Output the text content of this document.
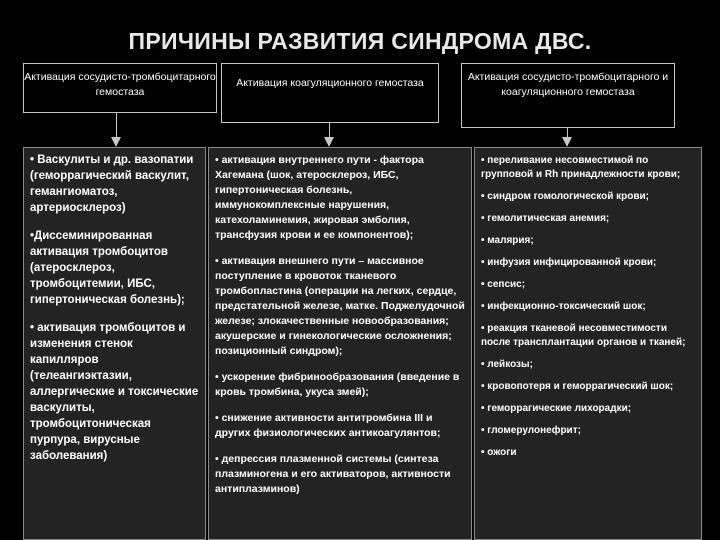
ПРИЧИНЫ РАЗВИТИЯ СИНДРОМА ДВС.
Активация сосудисто-тромбоцитарного гемостаза
Активация коагуляционного гемостаза	Активация сосудисто-тромбоцитарного и коагуляционного гемостаза

• Васкулиты и др. вазопатии (геморрагический васкулит, гемангиоматоз, артериосклероз)

•Диссеминированная активация тромбоцитов (атеросклероз, тромбоцитемии, ИБС, гипертоническая болезнь);

• активация тромбоцитов и изменения стенок капилляров (телеангиэктазии, аллергические и токсические васкулиты, тромбоцитоническая пурпура, вирусные заболевания)

• активация внутреннего пути - фактора Хагемана (шок, атеросклероз, ИБС, гипертоническая болезнь, иммунокомплексные нарушения, катехоламинемия, жировая эмболия, трансфузия крови и ее компонентов);

• активация внешнего пути – массивное поступление в кровоток тканевого тромбопластина (операции на легких, сердце, предстательной железе, матке. Поджелудочной железе; злокачественные новообразования; акушерские и гинекологические осложнения; позиционный синдром);

• ускорение фибринообразования (введение в кровь тромбина, укуса змей);

• снижение активности антитромбина III и других физиологических антикоагулянтов;

• депрессия плазменной системы (синтеза плазминогена и его активаторов, активности антиплазминов)

• переливание несовместимой по групповой и Rh принадлежности крови;

• синдром гомологической крови;

• гемолитическая анемия;

• малярия;

• инфузия инфицированной крови;

• сепсис;

• инфекционно-токсический шок;

• реакция тканевой несовместимости после трансплантации органов и тканей;

• лейкозы;

• кровопотеря и геморрагический шок;

• геморрагические лихорадки;

• гломерулонефрит;

• ожоги
